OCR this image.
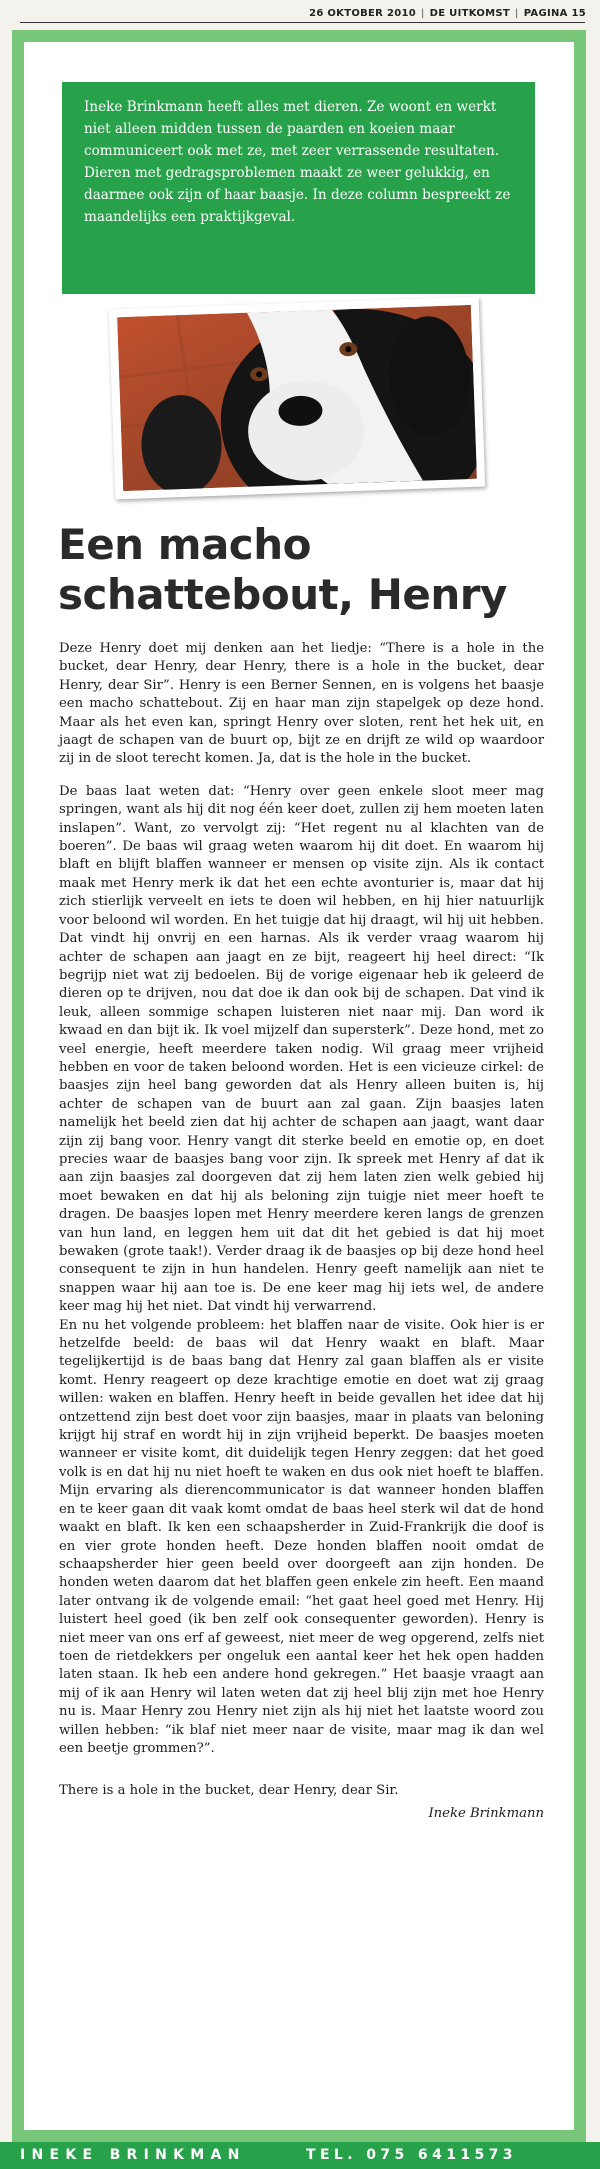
26 OKTOBER 2010 | DE UITKOMST | PAGINA 15
Ineke Brinkmann heeft alles met dieren. Ze woont en werkt niet alleen midden tussen de paarden en koeien maar communiceert ook met ze, met zeer verrassende resultaten. Dieren met gedragsproblemen maakt ze weer gelukkig, en daarmee ook zijn of haar baasje. In deze column bespreekt ze maandelijks een praktijkgeval.
Een macho
schattebout, Henry

Deze Henry doet mij denken aan het liedje: “There is a hole in the bucket, dear Henry, dear Henry, there is a hole in the bucket, dear Henry, dear Sir”. Henry is een Berner Sennen, en is volgens het baasje een macho schattebout. Zij en haar man zijn stapelgek op deze hond. Maar als het even kan, springt Henry over sloten, rent het hek uit, en jaagt de schapen van de buurt op, bijt ze en drijft ze wild op waardoor zij in de sloot terecht komen. Ja, dat is the hole in the bucket.

De baas laat weten dat: “Henry over geen enkele sloot meer mag springen, want als hij dit nog één keer doet, zullen zij hem moeten laten inslapen”. Want, zo vervolgt zij: “Het regent nu al klachten van de boeren”. De baas wil graag weten waarom hij dit doet. En waarom hij blaft en blijft blaffen wanneer er mensen op visite zijn. Als ik contact maak met Henry merk ik dat het een echte avonturier is, maar dat hij zich stierlijk verveelt en iets te doen wil hebben, en hij hier natuurlijk voor beloond wil worden. En het tuigje dat hij draagt, wil hij uit hebben. Dat vindt hij onvrij en een harnas. Als ik verder vraag waarom hij achter de schapen aan jaagt en ze bijt, reageert hij heel direct: “Ik begrijp niet wat zij bedoelen. Bij de vorige eigenaar heb ik geleerd de dieren op te drijven, nou dat doe ik dan ook bij de schapen. Dat vind ik leuk, alleen sommige schapen luisteren niet naar mij. Dan word ik kwaad en dan bijt ik. Ik voel mijzelf dan supersterk”. Deze hond, met zo veel energie, heeft meerdere taken nodig. Wil graag meer vrijheid hebben en voor de taken beloond worden. Het is een vicieuze cirkel: de baasjes zijn heel bang geworden dat als Henry alleen buiten is, hij achter de schapen van de buurt aan zal gaan. Zijn baasjes laten namelijk het beeld zien dat hij achter de schapen aan jaagt, want daar zijn zij bang voor. Henry vangt dit sterke beeld en emotie op, en doet precies waar de baasjes bang voor zijn. Ik spreek met Henry af dat ik aan zijn baasjes zal doorgeven dat zij hem laten zien welk gebied hij moet bewaken en dat hij als beloning zijn tuigje niet meer hoeft te dragen. De baasjes lopen met Henry meerdere keren langs de grenzen van hun land, en leggen hem uit dat dit het gebied is dat hij moet bewaken (grote taak!). Verder draag ik de baasjes op bij deze hond heel consequent te zijn in hun handelen. Henry geeft namelijk aan niet te snappen waar hij aan toe is. De ene keer mag hij iets wel, de andere keer mag hij het niet. Dat vindt hij verwarrend.

En nu het volgende probleem: het blaffen naar de visite. Ook hier is er hetzelfde beeld: de baas wil dat Henry waakt en blaft. Maar tegelijkertijd is de baas bang dat Henry zal gaan blaffen als er visite komt. Henry reageert op deze krachtige emotie en doet wat zij graag willen: waken en blaffen. Henry heeft in beide gevallen het idee dat hij ontzettend zijn best doet voor zijn baasjes, maar in plaats van beloning krijgt hij straf en wordt hij in zijn vrijheid beperkt. De baasjes moeten wanneer er visite komt, dit duidelijk tegen Henry zeggen: dat het goed volk is en dat hij nu niet hoeft te waken en dus ook niet hoeft te blaffen. Mijn ervaring als dierencommunicator is dat wanneer honden blaffen en te keer gaan dit vaak komt omdat de baas heel sterk wil dat de hond waakt en blaft. Ik ken een schaapsherder in Zuid-Frankrijk die doof is en vier grote honden heeft. Deze honden blaffen nooit omdat de schaapsherder hier geen beeld over doorgeeft aan zijn honden. De honden weten daarom dat het blaffen geen enkele zin heeft. Een maand later ontvang ik de volgende email: “het gaat heel goed met Henry. Hij luistert heel goed (ik ben zelf ook consequenter geworden). Henry is niet meer van ons erf af geweest, niet meer de weg opgerend, zelfs niet toen de rietdekkers per ongeluk een aantal keer het hek open hadden laten staan. Ik heb een andere hond gekregen.” Het baasje vraagt aan mij of ik aan Henry wil laten weten dat zij heel blij zijn met hoe Henry nu is. Maar Henry zou Henry niet zijn als hij niet het laatste woord zou willen hebben: “ik blaf niet meer naar de visite, maar mag ik dan wel een beetje grommen?”.

There is a hole in the bucket, dear Henry, dear Sir.

Ineke Brinkmann

INEKE BRINKMAN	TEL. 075 6411573
